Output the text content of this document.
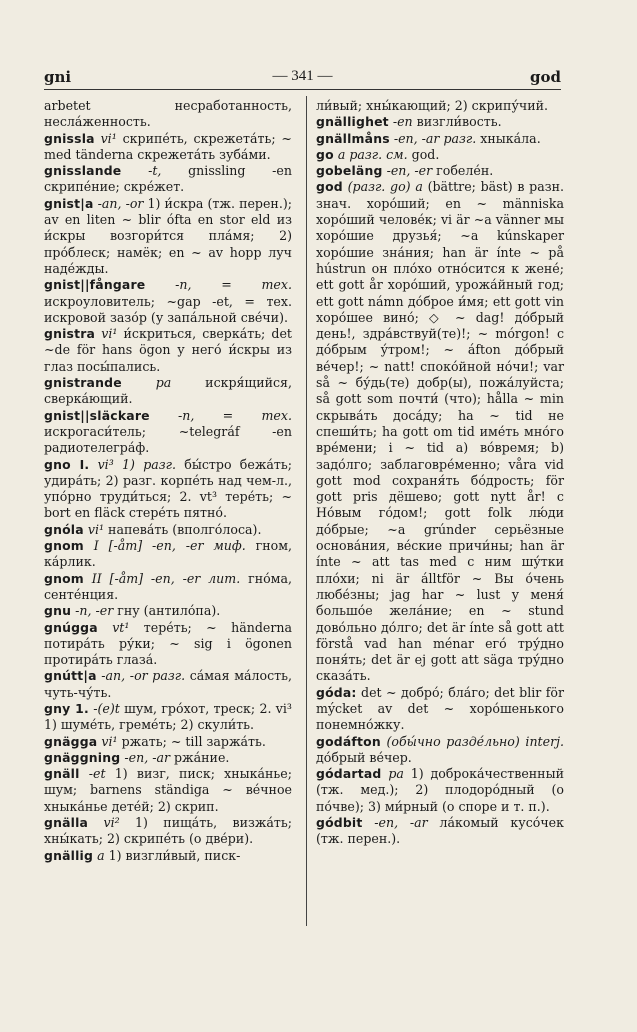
gni	— 341 —	god

arbetet несработанность, несла́женность.

gnissla vi¹ скрипе́ть, скрежета́ть; ~ med tänderna скрежета́ть зуба́ми.

gnisslande -t, gnissling -en скрипе́ние; скре́жет.

gnist|a -an, -or 1) и́скра (тж. перен.); av en liten ~ blir ófta en stor eld из и́скры возгори́тся пла́мя; 2) про́блеск; намёк; en ~ av hopp луч наде́жды.

gnist||fångare -n, = тех. искроуловитель; ~gap -et, = тех. искровой зазо́р (у запа́льной све́чи).

gnistra vi¹ и́скриться, сверка́ть; det ~de för hans ögon у него́ и́скры из глаз посы́пались.

gnistrande	pa	искря́щийся, сверка́ющий.

gnist||släckare -n, = тех. искрогаси́тель; ~telegráf -en радиотелегра́ф.

gno I. vi³ 1) разг. бы́стро бежа́ть; удира́ть; 2) разг. корпе́ть над чем-л., упо́рно труди́ться; 2. vt³ тере́ть; ~ bort en fläck стере́ть пятно́.

gnóla vi¹ напева́ть (вполго́лоса).

gnom I [-åm] -en, -er миф. гном, ка́рлик.

gnom II [-åm] -en, -er лит. гно́ма, сенте́нция.

gnu -n, -er гну (антило́па).

gnúgga vt¹ тере́ть; ~ händerna потира́ть ру́ки; ~ sig i ögonen протира́ть глаза́.

gnútt|a -an, -or разг. са́мая ма́лость, чуть-чу́ть.

gny 1. -(e)t шум, гро́хот, треск; 2. vi³ 1) шуме́ть, гремéть; 2) скули́ть.

gnägga vi¹ ржать; ~ till заржа́ть.

gnäggning -en, -ar ржа́ние.

gnäll -et 1) визг, писк; хныка́нье; шум; barnens ständiga ~ ве́чное хныка́нье дете́й; 2) скрип.

gnälla vi² 1) пища́ть, визжа́ть; хны́кать; 2) скрипе́ть (о две́ри).

gnällig a 1) визгли́вый, писк-

ли́вый; хны́кающий; 2) скрипу́чий.

gnällighet -en визгли́вость.

gnällmåns -en, -ar разг. хныка́ла.

go a разг. см. god.

gobeläng -en, -er гобеле́н.

god (разг. go) a (bättre; bäst) в разн. знач. хоро́ший; en ~ människa хоро́ший челове́к; vi är ~a vänner мы хоро́шие друзья́; ~a kúnskaper хоро́шие зна́ния; han är ínte ~ på hústrun он пло́хо отно́сится к жене́; ett gott år хоро́ший, урожа́йный год; ett gott námn до́брое и́мя; ett gott vin хоро́шее вино́; ◇ ~ dag! до́брый день!, здра́вствуй(те)!; ~ mórgon! с до́брым у́тром!; ~ áfton до́брый ве́чер!; ~ natt! споко́йной но́чи!; var så ~ бу́дь(те) добр(ы), пожа́луйста; så gott som почти́ (что); hålla ~ min скрыва́ть доса́ду; ha ~ tid не спеши́ть; ha gott om tid име́ть мно́го вре́мени; i ~ tid а) во́время; b) задо́лго; заблаговре́менно; våra vid gott mod сохраня́ть бо́дрость; för gott pris дёшево; gott nytt år! с Но́вым го́дом!; gott folk лю́ди до́брые; ~a grúnder серьёзные основа́ния, ве́ские причи́ны; han är ínte ~ att tas med с ним шу́тки пло́хи; ni är álltför ~ Вы о́чень любе́зны; jag har ~ lust у меня́ большо́е жела́ние; en ~ stund дово́льно до́лго; det är ínte så gott att förstå vad han ménar его́ тру́дно поня́ть; det är ej gott att säga тру́дно сказа́ть.

góda: det ~ добро́; бла́го; det blir för mýcket av det ~ хоро́шенького понемно́жку.

godáfton (обы́чно разде́льно) interj. до́брый ве́чер.

gódartad pa 1) доброка́чественный (тж. мед.); 2) плодоро́дный (о по́чве); 3) ми́рный (о споре и т. п.).

gódbit -en, -ar ла́комый кусо́чек (тж. перен.).
